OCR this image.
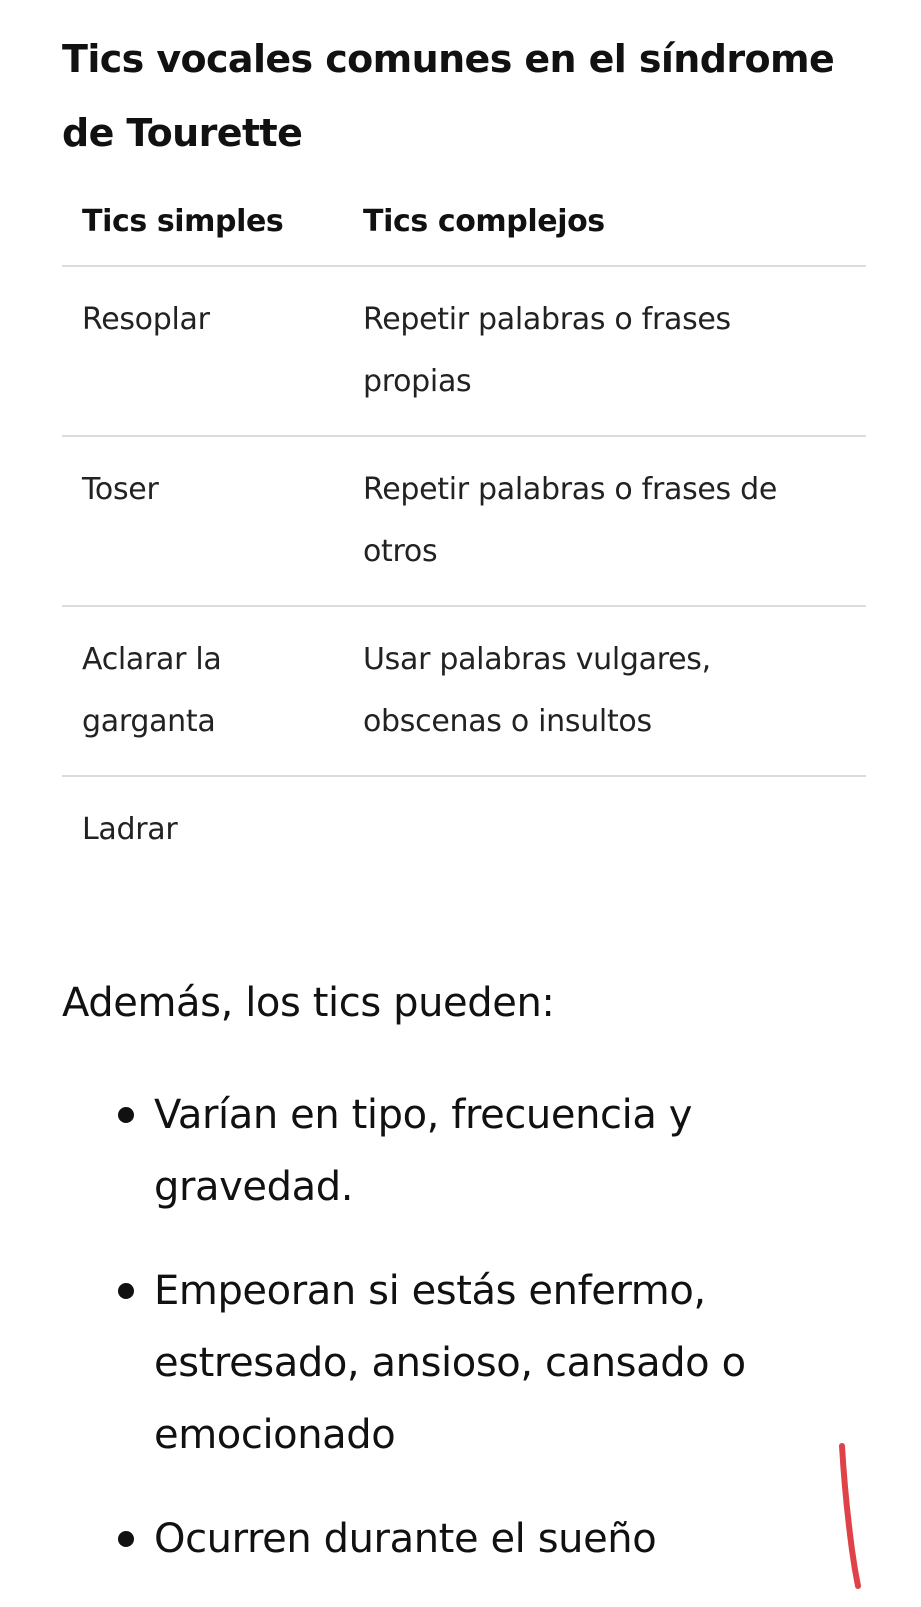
Tics vocales comunes en el síndrome de Tourette
Tics simples	Tics complejos
Resoplar	Repetir palabras o frases propias
Toser	Repetir palabras o frases de otros
Aclarar la garganta	Usar palabras vulgares, obscenas o insultos
Ladrar	

Además, los tics pueden:

Varían en tipo, frecuencia y gravedad.
Empeoran si estás enfermo, estresado, ansioso, cansado o emocionado
Ocurren durante el sueño
